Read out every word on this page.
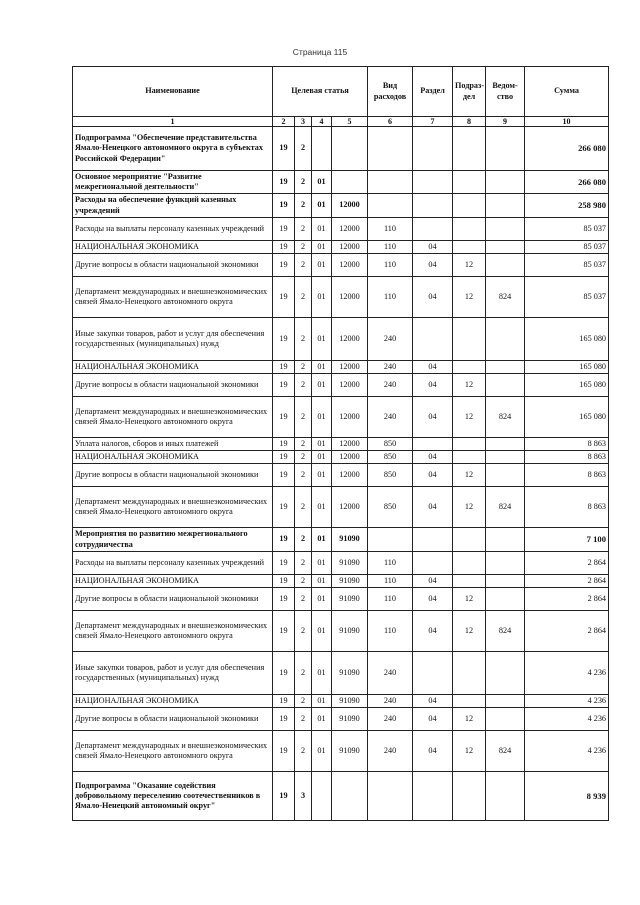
Страница 115
Наименование	Целевая статья				Вид расходов	Раздел	Подраз-дел	Ведом-ство	Сумма
1	2	3	4	5	6	7	8	9	10
Подпрограмма "Обеспечение представительства Ямало-Ненецкого автономного округа в субъектах Российской Федерации"	19	2							266 080
Основное мероприятие "Развитие межрегиональной деятельности"	19	2	01						266 080
Расходы на обеспечение функций казенных учреждений	19	2	01	12000					258 980
Расходы на выплаты персоналу казенных учреждений	19	2	01	12000	110				85 037
НАЦИОНАЛЬНАЯ ЭКОНОМИКА	19	2	01	12000	110	04			85 037
Другие вопросы в области национальной экономики	19	2	01	12000	110	04	12		85 037
Департамент международных и внешнеэкономических связей Ямало-Ненецкого автономного округа	19	2	01	12000	110	04	12	824	85 037
Иные закупки товаров, работ и услуг для обеспечения государственных (муниципальных) нужд	19	2	01	12000	240				165 080
НАЦИОНАЛЬНАЯ ЭКОНОМИКА	19	2	01	12000	240	04			165 080
Другие вопросы в области национальной экономики	19	2	01	12000	240	04	12		165 080
Департамент международных и внешнеэкономических связей Ямало-Ненецкого автономного округа	19	2	01	12000	240	04	12	824	165 080
Уплата налогов, сборов и иных платежей	19	2	01	12000	850				8 863
НАЦИОНАЛЬНАЯ ЭКОНОМИКА	19	2	01	12000	850	04			8 863
Другие вопросы в области национальной экономики	19	2	01	12000	850	04	12		8 863
Департамент международных и внешнеэкономических связей Ямало-Ненецкого автономного округа	19	2	01	12000	850	04	12	824	8 863
Мероприятия по развитию межрегионального сотрудничества	19	2	01	91090					7 100
Расходы на выплаты персоналу казенных учреждений	19	2	01	91090	110				2 864
НАЦИОНАЛЬНАЯ ЭКОНОМИКА	19	2	01	91090	110	04			2 864
Другие вопросы в области национальной экономики	19	2	01	91090	110	04	12		2 864
Департамент международных и внешнеэкономических связей Ямало-Ненецкого автономного округа	19	2	01	91090	110	04	12	824	2 864
Иные закупки товаров, работ и услуг для обеспечения государственных (муниципальных) нужд	19	2	01	91090	240				4 236
НАЦИОНАЛЬНАЯ ЭКОНОМИКА	19	2	01	91090	240	04			4 236
Другие вопросы в области национальной экономики	19	2	01	91090	240	04	12		4 236
Департамент международных и внешнеэкономических связей Ямало-Ненецкого автономного округа	19	2	01	91090	240	04	12	824	4 236
Подпрограмма "Оказание содействия добровольному переселению соотечественников в Ямало-Ненецкий автономный округ"	19	3							8 939
